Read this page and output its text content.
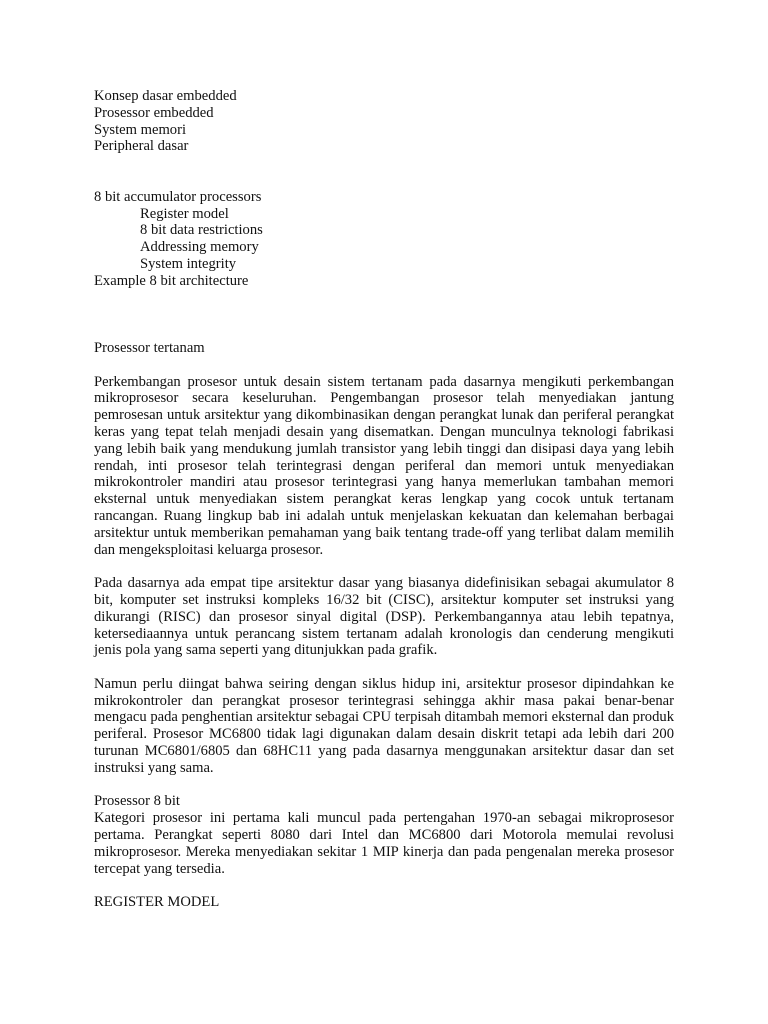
Konsep dasar embedded
Prosessor embedded
System memori
Peripheral dasar
8 bit accumulator processors
Register model
8 bit data restrictions
Addressing memory
System integrity
Example 8 bit architecture
Prosessor tertanam

Perkembangan prosesor untuk desain sistem tertanam pada dasarnya mengikuti perkembangan mikroprosesor secara keseluruhan. Pengembangan prosesor telah menyediakan jantung pemrosesan untuk arsitektur yang dikombinasikan dengan perangkat lunak dan periferal perangkat keras yang tepat telah menjadi desain yang disematkan. Dengan munculnya teknologi fabrikasi yang lebih baik yang mendukung jumlah transistor yang lebih tinggi dan disipasi daya yang lebih rendah, inti prosesor telah terintegrasi dengan periferal dan memori untuk menyediakan mikrokontroler mandiri atau prosesor terintegrasi yang hanya memerlukan tambahan memori eksternal untuk menyediakan sistem perangkat keras lengkap yang cocok untuk tertanam rancangan. Ruang lingkup bab ini adalah untuk menjelaskan kekuatan dan kelemahan berbagai arsitektur untuk memberikan pemahaman yang baik tentang trade-off yang terlibat dalam memilih dan mengeksploitasi keluarga prosesor.

Pada dasarnya ada empat tipe arsitektur dasar yang biasanya didefinisikan sebagai akumulator 8 bit, komputer set instruksi kompleks 16/32 bit (CISC), arsitektur komputer set instruksi yang dikurangi (RISC) dan prosesor sinyal digital (DSP). Perkembangannya atau lebih tepatnya, ketersediaannya untuk perancang sistem tertanam adalah kronologis dan cenderung mengikuti jenis pola yang sama seperti yang ditunjukkan pada grafik.

Namun perlu diingat bahwa seiring dengan siklus hidup ini, arsitektur prosesor dipindahkan ke mikrokontroler dan perangkat prosesor terintegrasi sehingga akhir masa pakai benar-benar mengacu pada penghentian arsitektur sebagai CPU terpisah ditambah memori eksternal dan produk periferal. Prosesor MC6800 tidak lagi digunakan dalam desain diskrit tetapi ada lebih dari 200 turunan MC6801/6805 dan 68HC11 yang pada dasarnya menggunakan arsitektur dasar dan set instruksi yang sama.

Prosessor 8 bit

Kategori prosesor ini pertama kali muncul pada pertengahan 1970-an sebagai mikroprosesor pertama. Perangkat seperti 8080 dari Intel dan MC6800 dari Motorola memulai revolusi mikroprosesor. Mereka menyediakan sekitar 1 MIP kinerja dan pada pengenalan mereka prosesor tercepat yang tersedia.

REGISTER MODEL
